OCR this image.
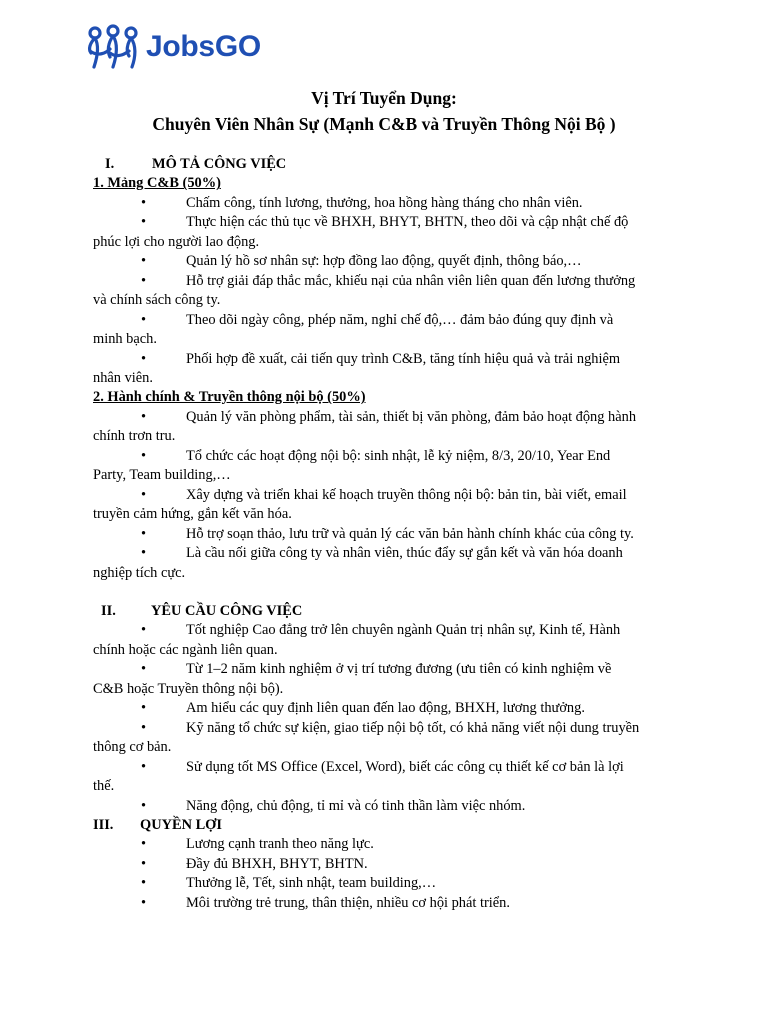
JobsGO
Vị Trí Tuyển Dụng:
Chuyên Viên Nhân Sự (Mạnh C&B và Truyền Thông Nội Bộ )
I.	MÔ TẢ CÔNG VIỆC
1. Mảng C&B (50%)
•	Chấm công, tính lương, thưởng, hoa hồng hàng tháng cho nhân viên.
•	Thực hiện các thủ tục về BHXH, BHYT, BHTN, theo dõi và cập nhật chế độ
phúc lợi cho người lao động.
•	Quản lý hồ sơ nhân sự: hợp đồng lao động, quyết định, thông báo,…
•	Hỗ trợ giải đáp thắc mắc, khiếu nại của nhân viên liên quan đến lương thưởng
và chính sách công ty.
•	Theo dõi ngày công, phép năm, nghỉ chế độ,… đảm bảo đúng quy định và
minh bạch.
•	Phối hợp đề xuất, cải tiến quy trình C&B, tăng tính hiệu quả và trải nghiệm
nhân viên.
2. Hành chính & Truyền thông nội bộ (50%)
•	Quản lý văn phòng phẩm, tài sản, thiết bị văn phòng, đảm bảo hoạt động hành
chính trơn tru.
•	Tổ chức các hoạt động nội bộ: sinh nhật, lễ kỷ niệm, 8/3, 20/10, Year End
Party, Team building,…
•	Xây dựng và triển khai kế hoạch truyền thông nội bộ: bản tin, bài viết, email
truyền cảm hứng, gắn kết văn hóa.
•	Hỗ trợ soạn thảo, lưu trữ và quản lý các văn bản hành chính khác của công ty.
•	Là cầu nối giữa công ty và nhân viên, thúc đẩy sự gắn kết và văn hóa doanh
nghiệp tích cực.
II. YÊU CẦU CÔNG VIỆC
•	Tốt nghiệp Cao đẳng trở lên chuyên ngành Quản trị nhân sự, Kinh tế, Hành
chính hoặc các ngành liên quan.
•	Từ 1–2 năm kinh nghiệm ở vị trí tương đương (ưu tiên có kinh nghiệm về
C&B hoặc Truyền thông nội bộ).
•	Am hiểu các quy định liên quan đến lao động, BHXH, lương thưởng.
•	Kỹ năng tổ chức sự kiện, giao tiếp nội bộ tốt, có khả năng viết nội dung truyền
thông cơ bản.
•	Sử dụng tốt MS Office (Excel, Word), biết các công cụ thiết kế cơ bản là lợi
thế.
•	Năng động, chủ động, tỉ mỉ và có tinh thần làm việc nhóm.
III. QUYỀN LỢI
•	Lương cạnh tranh theo năng lực.
•	Đầy đủ BHXH, BHYT, BHTN.
•	Thưởng lễ, Tết, sinh nhật, team building,…
•	Môi trường trẻ trung, thân thiện, nhiều cơ hội phát triển.
